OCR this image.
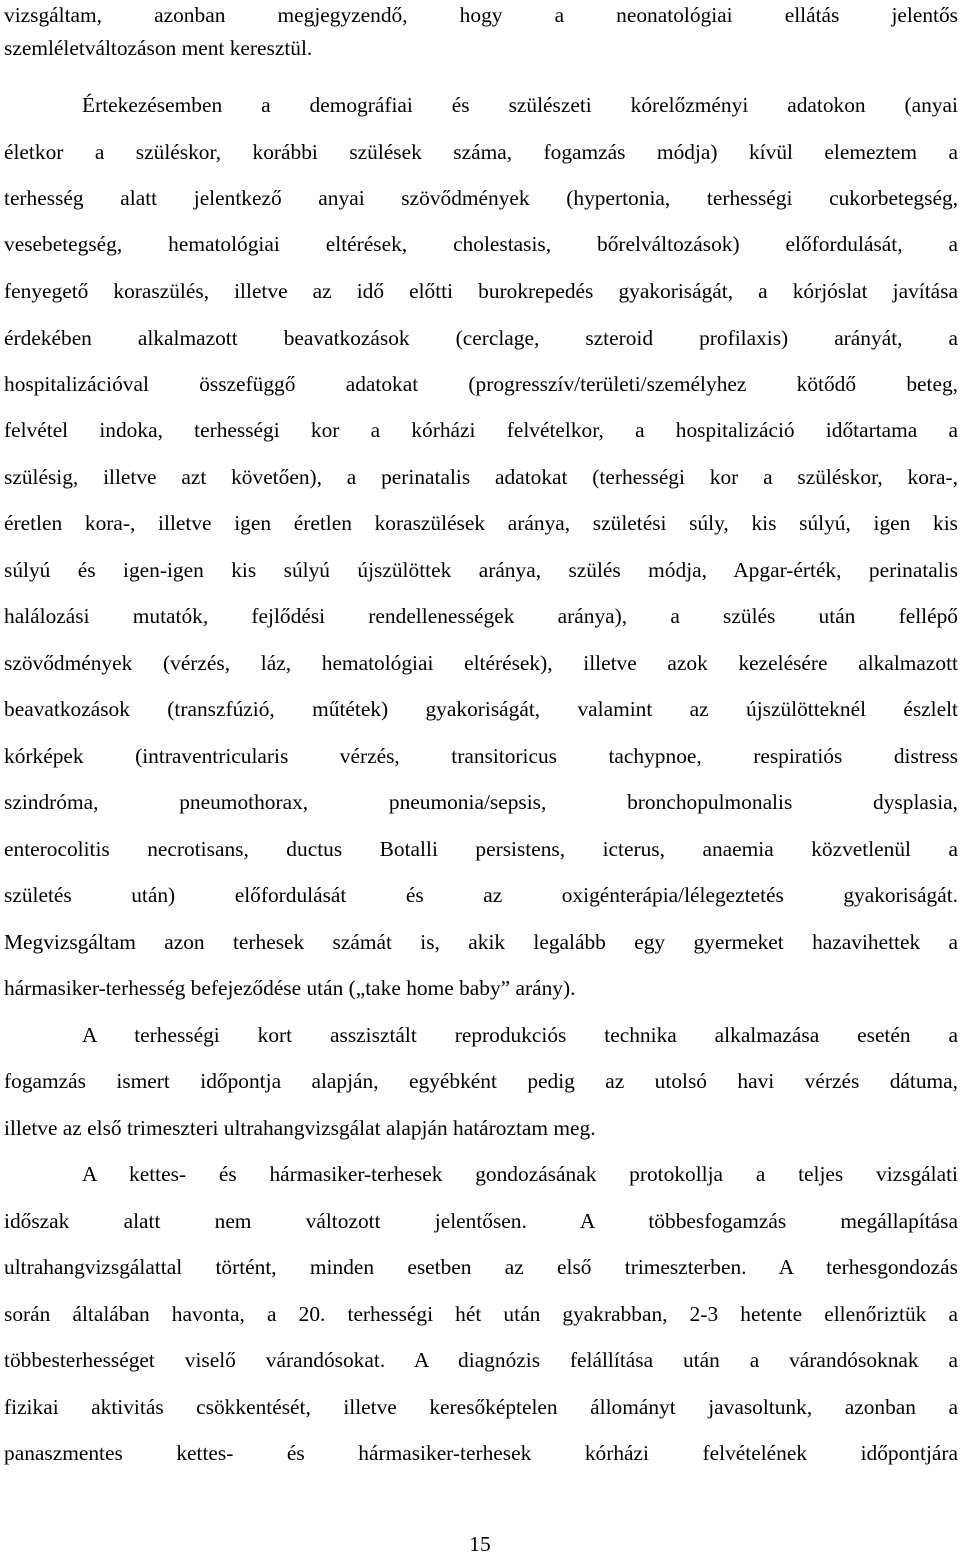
vizsgáltam, azonban megjegyzendő, hogy a neonatológiai ellátás jelentős
szemléletváltozáson ment keresztül.
Értekezésemben a demográfiai és szülészeti kórelőzményi adatokon (anyai
életkor a szüléskor, korábbi szülések száma, fogamzás módja) kívül elemeztem a
terhesség alatt jelentkező anyai szövődmények (hypertonia, terhességi cukorbetegség,
vesebetegség, hematológiai eltérések, cholestasis, bőrelváltozások) előfordulását, a
fenyegető koraszülés, illetve az idő előtti burokrepedés gyakoriságát, a kórjóslat javítása
érdekében alkalmazott beavatkozások (cerclage, szteroid profilaxis) arányát, a
hospitalizációval összefüggő adatokat (progresszív/területi/személyhez kötődő beteg,
felvétel indoka, terhességi kor a kórházi felvételkor, a hospitalizáció időtartama a
szülésig, illetve azt követően), a perinatalis adatokat (terhességi kor a szüléskor, kora-,
éretlen kora-, illetve igen éretlen koraszülések aránya, születési súly, kis súlyú, igen kis
súlyú és igen-igen kis súlyú újszülöttek aránya, szülés módja, Apgar-érték, perinatalis
halálozási mutatók, fejlődési rendellenességek aránya), a szülés után fellépő
szövődmények (vérzés, láz, hematológiai eltérések), illetve azok kezelésére alkalmazott
beavatkozások (transzfúzió, műtétek) gyakoriságát, valamint az újszülötteknél észlelt
kórképek (intraventricularis vérzés, transitoricus tachypnoe, respiratiós distress
szindróma, pneumothorax, pneumonia/sepsis, bronchopulmonalis dysplasia,
enterocolitis necrotisans, ductus Botalli persistens, icterus, anaemia közvetlenül a
születés után) előfordulását és az oxigénterápia/lélegeztetés gyakoriságát.
Megvizsgáltam azon terhesek számát is, akik legalább egy gyermeket hazavihettek a
hármasiker-terhesség befejeződése után („take home baby” arány).
A terhességi kort asszisztált reprodukciós technika alkalmazása esetén a
fogamzás ismert időpontja alapján, egyébként pedig az utolsó havi vérzés dátuma,
illetve az első trimeszteri ultrahangvizsgálat alapján határoztam meg.
A kettes- és hármasiker-terhesek gondozásának protokollja a teljes vizsgálati
időszak alatt nem változott jelentősen. A többesfogamzás megállapítása
ultrahangvizsgálattal történt, minden esetben az első trimeszterben. A terhesgondozás
során általában havonta, a 20. terhességi hét után gyakrabban, 2-3 hetente ellenőriztük a
többesterhességet viselő várandósokat. A diagnózis felállítása után a várandósoknak a
fizikai aktivitás csökkentését, illetve keresőképtelen állományt javasoltunk, azonban a
panaszmentes kettes- és hármasiker-terhesek kórházi felvételének időpontjára
15
